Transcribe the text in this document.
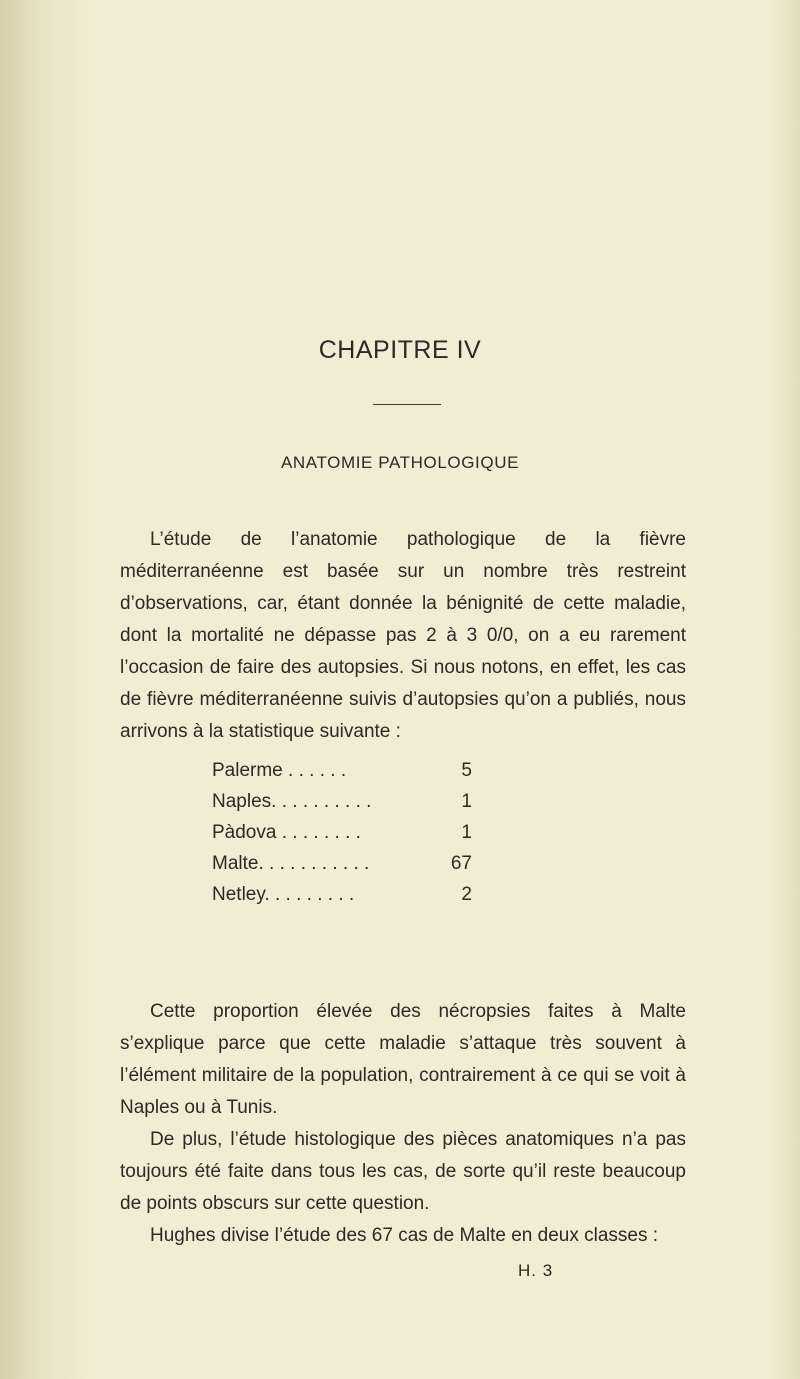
CHAPITRE IV
ANATOMIE PATHOLOGIQUE

L’étude de l’anatomie pathologique de la fièvre méditerranéenne est basée sur un nombre très restreint d’observations, car, étant donnée la bénignité de cette maladie, dont la mortalité ne dépasse pas 2 à 3 0/0, on a eu rarement l’occasion de faire des autopsies. Si nous notons, en effet, les cas de fièvre méditerranéenne suivis d’autopsies qu’on a publiés, nous arrivons à la statistique suivante :

Palerme . . . . . .	5
Naples. . . . . . . . . .	1
Pàdova . . . . . . . .	1
Malte. . . . . . . . . . .	67
Netley. . . . . . . . .	2

Cette proportion élevée des nécropsies faites à Malte s’explique parce que cette maladie s’attaque très souvent à l’élément militaire de la population, contrairement à ce qui se voit à Naples ou à Tunis.

De plus, l’étude histologique des pièces anatomiques n’a pas toujours été faite dans tous les cas, de sorte qu’il reste beaucoup de points obscurs sur cette question.

Hughes divise l’étude des 67 cas de Malte en deux classes :

H. 3
